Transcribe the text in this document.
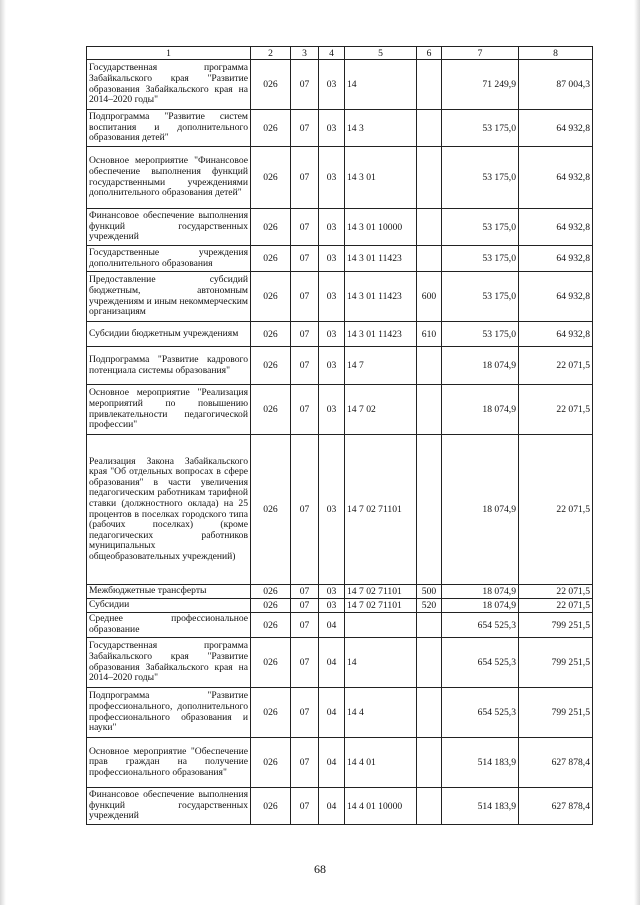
1	2	3	4	5	6	7	8
Государственная программа Забайкальского края "Развитие образования Забайкальского края на 2014–2020 годы"	026	07	03	14		71 249,9	87 004,3
Подпрограмма "Развитие систем воспитания и дополнительного образования детей"	026	07	03	14 3		53 175,0	64 932,8
Основное мероприятие "Финансовое обеспечение выполнения функций государственными учреждениями дополнительного образования детей"	026	07	03	14 3 01		53 175,0	64 932,8
Финансовое обеспечение выполнения функций государственных учреждений	026	07	03	14 3 01 10000		53 175,0	64 932,8
Государственные учреждения дополнительного образования	026	07	03	14 3 01 11423		53 175,0	64 932,8
Предоставление субсидий бюджетным, автономным учреждениям и иным некоммерческим организациям	026	07	03	14 3 01 11423	600	53 175,0	64 932,8
Субсидии бюджетным учреждениям	026	07	03	14 3 01 11423	610	53 175,0	64 932,8
Подпрограмма "Развитие кадрового потенциала системы образования"	026	07	03	14 7		18 074,9	22 071,5
Основное мероприятие "Реализация мероприятий по повышению привлекательности педагогической профессии"	026	07	03	14 7 02		18 074,9	22 071,5
Реализация Закона Забайкальского края "Об отдельных вопросах в сфере образования" в части увеличения педагогическим работникам тарифной ставки (должностного оклада) на 25 процентов в поселках городского типа (рабочих поселках) (кроме педагогических работников муниципальных общеобразовательных учреждений)	026	07	03	14 7 02 71101		18 074,9	22 071,5
Межбюджетные трансферты	026	07	03	14 7 02 71101	500	18 074,9	22 071,5
Субсидии	026	07	03	14 7 02 71101	520	18 074,9	22 071,5
Среднее профессиональное образование	026	07	04			654 525,3	799 251,5
Государственная программа Забайкальского края "Развитие образования Забайкальского края на 2014–2020 годы"	026	07	04	14		654 525,3	799 251,5
Подпрограмма "Развитие профессионального, дополнительного профессионального образования и науки"	026	07	04	14 4		654 525,3	799 251,5
Основное мероприятие "Обеспечение прав граждан на получение профессионального образования"	026	07	04	14 4 01		514 183,9	627 878,4
Финансовое обеспечение выполнения функций государственных учреждений	026	07	04	14 4 01 10000		514 183,9	627 878,4
68
